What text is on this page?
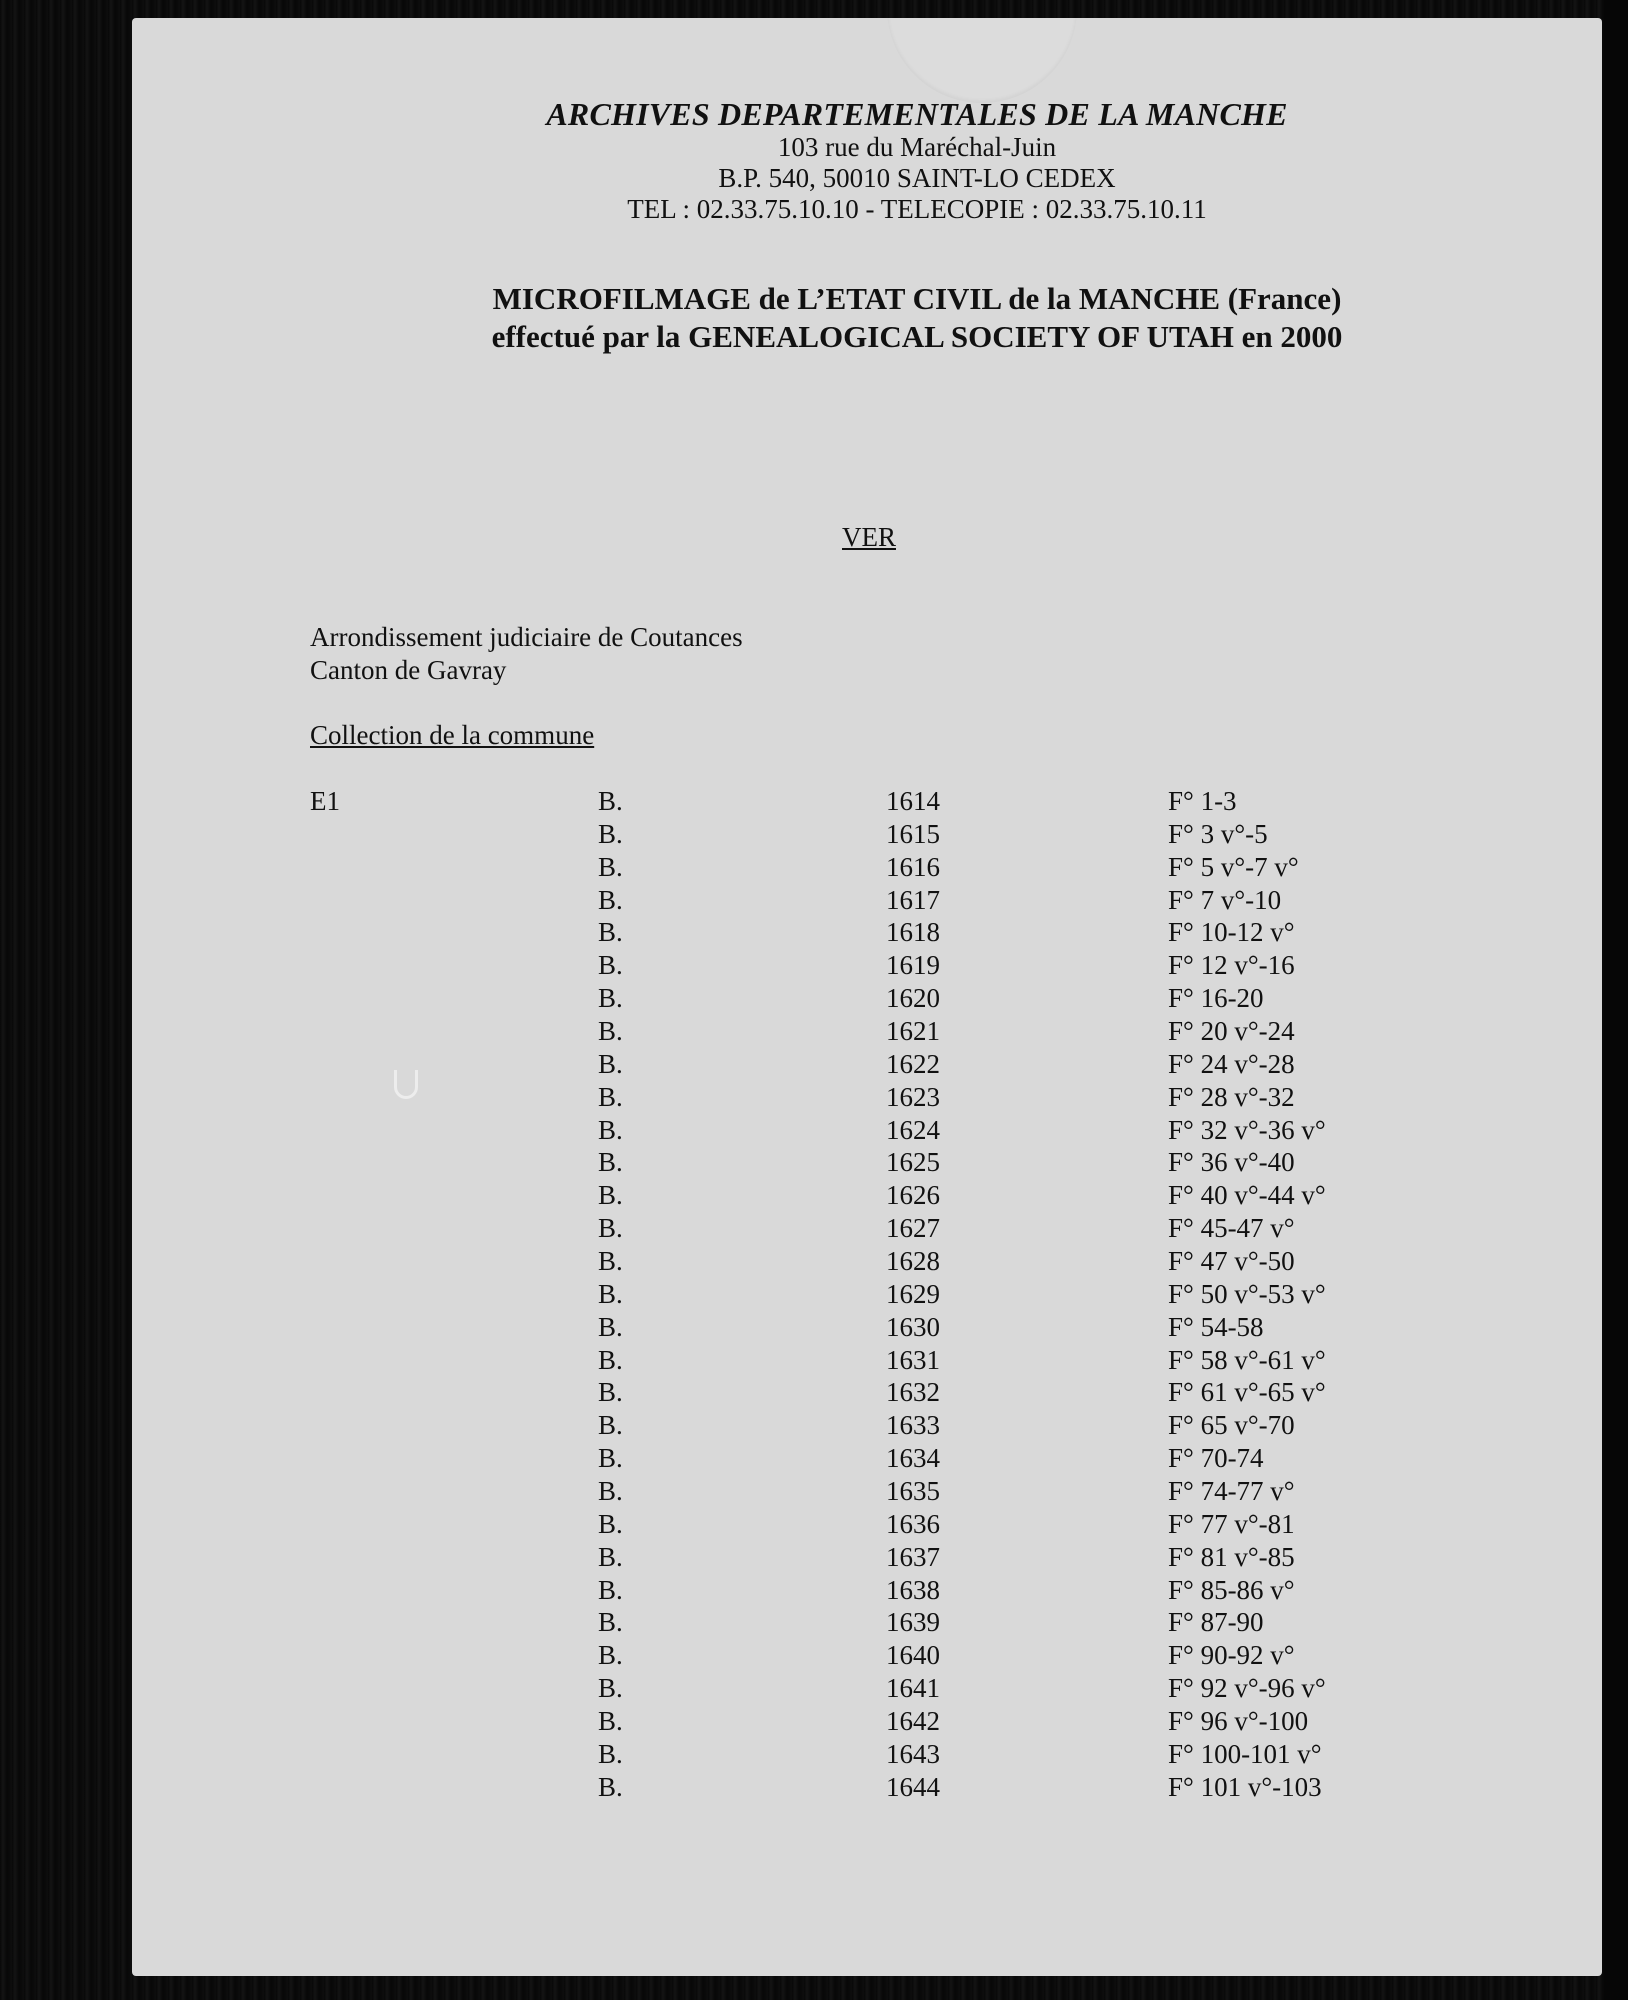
ARCHIVES DEPARTEMENTALES DE LA MANCHE
103 rue du Maréchal-Juin
B.P. 540, 50010 SAINT-LO CEDEX
TEL : 02.33.75.10.10 - TELECOPIE : 02.33.75.10.11
MICROFILMAGE de L’ETAT CIVIL de la MANCHE (France)
effectué par la GENEALOGICAL SOCIETY OF UTAH en 2000
VER
Arrondissement judiciaire de Coutances
Canton de Gavray
Collection de la commune
E1	B.	1614	F° 1-3
B.	1615	F° 3 v°-5
B.	1616	F° 5 v°-7 v°
B.	1617	F° 7 v°-10
B.	1618	F° 10-12 v°
B.	1619	F° 12 v°-16
B.	1620	F° 16-20
B.	1621	F° 20 v°-24
B.	1622	F° 24 v°-28
B.	1623	F° 28 v°-32
B.	1624	F° 32 v°-36 v°
B.	1625	F° 36 v°-40
B.	1626	F° 40 v°-44 v°
B.	1627	F° 45-47 v°
B.	1628	F° 47 v°-50
B.	1629	F° 50 v°-53 v°
B.	1630	F° 54-58
B.	1631	F° 58 v°-61 v°
B.	1632	F° 61 v°-65 v°
B.	1633	F° 65 v°-70
B.	1634	F° 70-74
B.	1635	F° 74-77 v°
B.	1636	F° 77 v°-81
B.	1637	F° 81 v°-85
B.	1638	F° 85-86 v°
B.	1639	F° 87-90
B.	1640	F° 90-92 v°
B.	1641	F° 92 v°-96 v°
B.	1642	F° 96 v°-100
B.	1643	F° 100-101 v°
B.	1644	F° 101 v°-103
